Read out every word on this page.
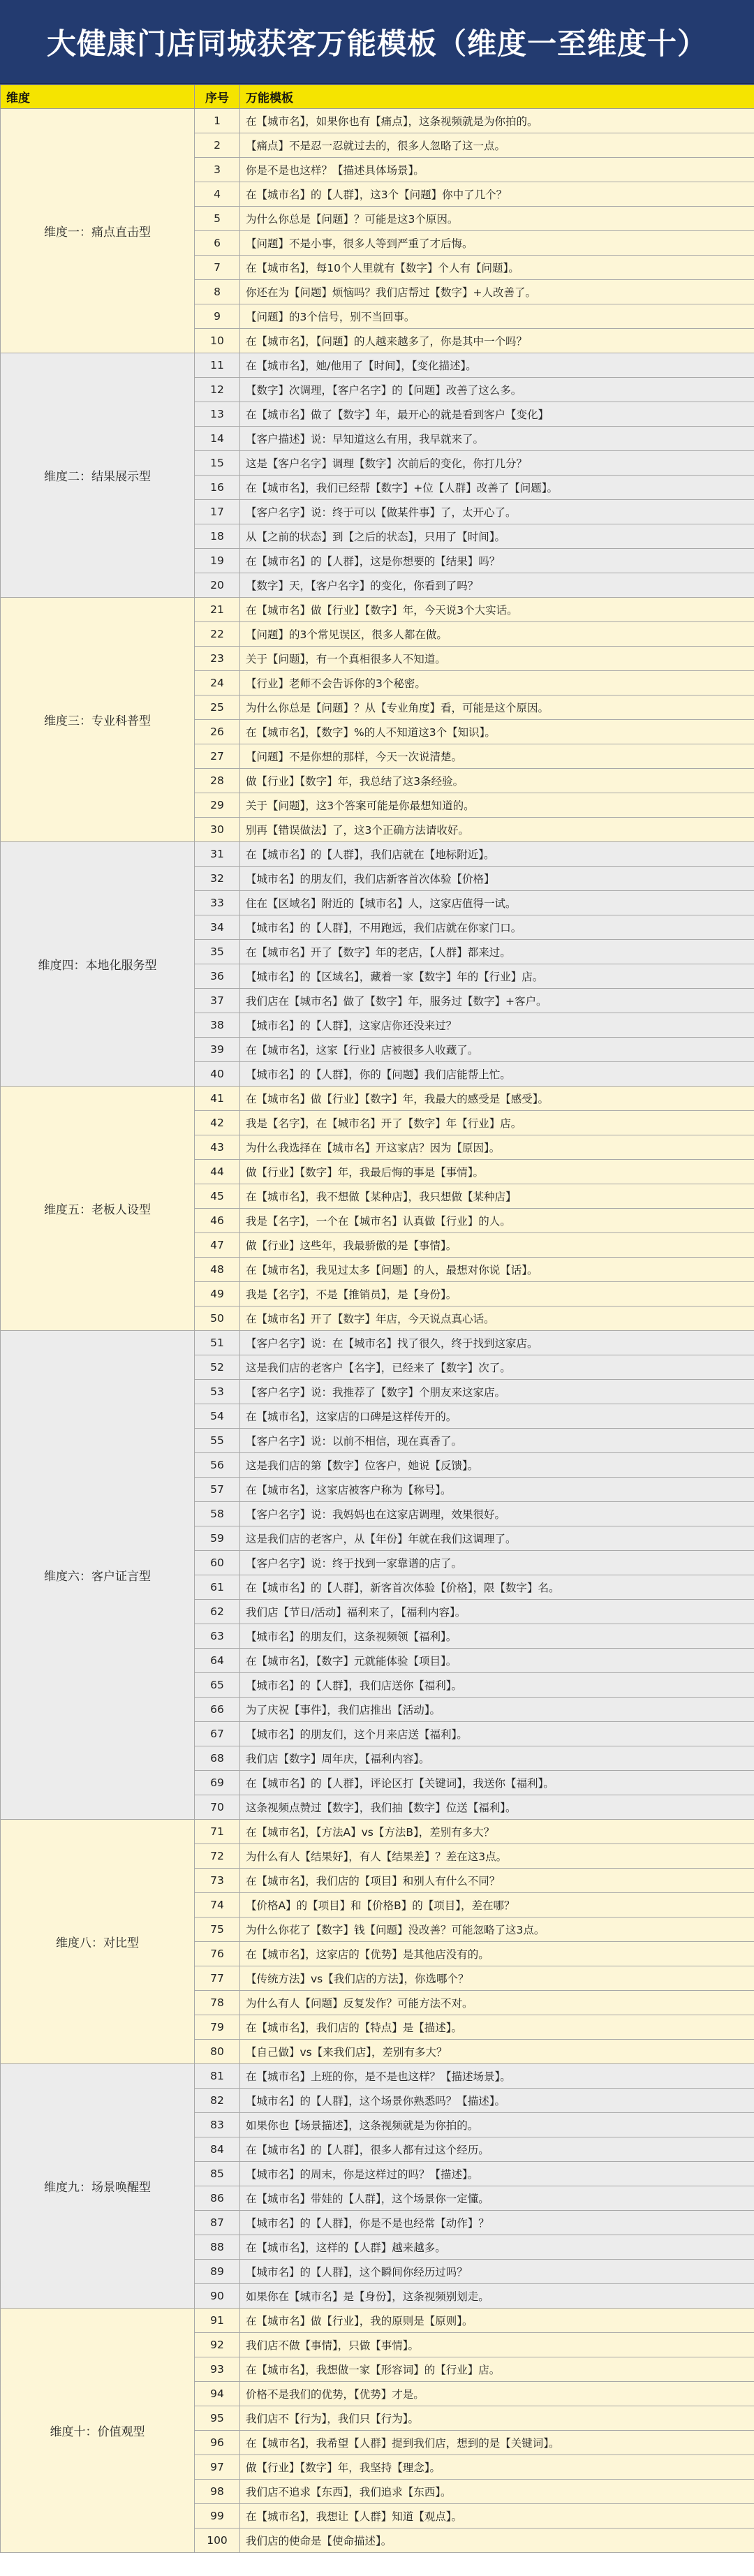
大健康门店同城获客万能模板（维度一至维度十）
维度	序号	万能模板
维度一：痛点直击型	1	在【城市名】，如果你也有【痛点】，这条视频就是为你拍的。
	2	【痛点】不是忍一忍就过去的，很多人忽略了这一点。
	3	你是不是也这样？【描述具体场景】。
	4	在【城市名】的【人群】，这3个【问题】你中了几个？
	5	为什么你总是【问题】？可能是这3个原因。
	6	【问题】不是小事，很多人等到严重了才后悔。
	7	在【城市名】，每10个人里就有【数字】个人有【问题】。
	8	你还在为【问题】烦恼吗？我们店帮过【数字】+人改善了。
	9	【问题】的3个信号，别不当回事。
	10	在【城市名】，【问题】的人越来越多了，你是其中一个吗？
维度二：结果展示型	11	在【城市名】，她/他用了【时间】，【变化描述】。
	12	【数字】次调理，【客户名字】的【问题】改善了这么多。
	13	在【城市名】做了【数字】年，最开心的就是看到客户【变化】
	14	【客户描述】说：早知道这么有用，我早就来了。
	15	这是【客户名字】调理【数字】次前后的变化，你打几分？
	16	在【城市名】，我们已经帮【数字】+位【人群】改善了【问题】。
	17	【客户名字】说：终于可以【做某件事】了，太开心了。
	18	从【之前的状态】到【之后的状态】，只用了【时间】。
	19	在【城市名】的【人群】，这是你想要的【结果】吗？
	20	【数字】天，【客户名字】的变化，你看到了吗？
维度三：专业科普型	21	在【城市名】做【行业】【数字】年，今天说3个大实话。
	22	【问题】的3个常见误区，很多人都在做。
	23	关于【问题】，有一个真相很多人不知道。
	24	【行业】老师不会告诉你的3个秘密。
	25	为什么你总是【问题】？从【专业角度】看，可能是这个原因。
	26	在【城市名】，【数字】%的人不知道这3个【知识】。
	27	【问题】不是你想的那样，今天一次说清楚。
	28	做【行业】【数字】年，我总结了这3条经验。
	29	关于【问题】，这3个答案可能是你最想知道的。
	30	别再【错误做法】了，这3个正确方法请收好。
维度四：本地化服务型	31	在【城市名】的【人群】，我们店就在【地标附近】。
	32	【城市名】的朋友们，我们店新客首次体验【价格】
	33	住在【区域名】附近的【城市名】人，这家店值得一试。
	34	【城市名】的【人群】，不用跑远，我们店就在你家门口。
	35	在【城市名】开了【数字】年的老店，【人群】都来过。
	36	【城市名】的【区域名】，藏着一家【数字】年的【行业】店。
	37	我们店在【城市名】做了【数字】年，服务过【数字】+客户。
	38	【城市名】的【人群】，这家店你还没来过？
	39	在【城市名】，这家【行业】店被很多人收藏了。
	40	【城市名】的【人群】，你的【问题】我们店能帮上忙。
维度五：老板人设型	41	在【城市名】做【行业】【数字】年，我最大的感受是【感受】。
	42	我是【名字】，在【城市名】开了【数字】年【行业】店。
	43	为什么我选择在【城市名】开这家店？因为【原因】。
	44	做【行业】【数字】年，我最后悔的事是【事情】。
	45	在【城市名】，我不想做【某种店】，我只想做【某种店】
	46	我是【名字】，一个在【城市名】认真做【行业】的人。
	47	做【行业】这些年，我最骄傲的是【事情】。
	48	在【城市名】，我见过太多【问题】的人，最想对你说【话】。
	49	我是【名字】，不是【推销员】，是【身份】。
	50	在【城市名】开了【数字】年店，今天说点真心话。
维度六：客户证言型	51	【客户名字】说：在【城市名】找了很久，终于找到这家店。
	52	这是我们店的老客户【名字】，已经来了【数字】次了。
	53	【客户名字】说：我推荐了【数字】个朋友来这家店。
	54	在【城市名】，这家店的口碑是这样传开的。
	55	【客户名字】说：以前不相信，现在真香了。
	56	这是我们店的第【数字】位客户，她说【反馈】。
	57	在【城市名】，这家店被客户称为【称号】。
	58	【客户名字】说：我妈妈也在这家店调理，效果很好。
	59	这是我们店的老客户，从【年份】年就在我们这调理了。
	60	【客户名字】说：终于找到一家靠谱的店了。
	61	在【城市名】的【人群】，新客首次体验【价格】，限【数字】名。
	62	我们店【节日/活动】福利来了，【福利内容】。
	63	【城市名】的朋友们，这条视频领【福利】。
	64	在【城市名】，【数字】元就能体验【项目】。
	65	【城市名】的【人群】，我们店送你【福利】。
	66	为了庆祝【事件】，我们店推出【活动】。
	67	【城市名】的朋友们，这个月来店送【福利】。
	68	我们店【数字】周年庆，【福利内容】。
	69	在【城市名】的【人群】，评论区打【关键词】，我送你【福利】。
	70	这条视频点赞过【数字】，我们抽【数字】位送【福利】。
维度八：对比型	71	在【城市名】，【方法A】vs【方法B】，差别有多大？
	72	为什么有人【结果好】，有人【结果差】？差在这3点。
	73	在【城市名】，我们店的【项目】和别人有什么不同？
	74	【价格A】的【项目】和【价格B】的【项目】，差在哪？
	75	为什么你花了【数字】钱【问题】没改善？可能忽略了这3点。
	76	在【城市名】，这家店的【优势】是其他店没有的。
	77	【传统方法】vs【我们店的方法】，你选哪个？
	78	为什么有人【问题】反复发作？可能方法不对。
	79	在【城市名】，我们店的【特点】是【描述】。
	80	【自己做】vs【来我们店】，差别有多大？
维度九：场景唤醒型	81	在【城市名】上班的你，是不是也这样？【描述场景】。
	82	【城市名】的【人群】，这个场景你熟悉吗？【描述】。
	83	如果你也【场景描述】，这条视频就是为你拍的。
	84	在【城市名】的【人群】，很多人都有过这个经历。
	85	【城市名】的周末，你是这样过的吗？【描述】。
	86	在【城市名】带娃的【人群】，这个场景你一定懂。
	87	【城市名】的【人群】，你是不是也经常【动作】？
	88	在【城市名】，这样的【人群】越来越多。
	89	【城市名】的【人群】，这个瞬间你经历过吗？
	90	如果你在【城市名】是【身份】，这条视频别划走。
维度十：价值观型	91	在【城市名】做【行业】，我的原则是【原则】。
	92	我们店不做【事情】，只做【事情】。
	93	在【城市名】，我想做一家【形容词】的【行业】店。
	94	价格不是我们的优势，【优势】才是。
	95	我们店不【行为】，我们只【行为】。
	96	在【城市名】，我希望【人群】提到我们店，想到的是【关键词】。
	97	做【行业】【数字】年，我坚持【理念】。
	98	我们店不追求【东西】，我们追求【东西】。
	99	在【城市名】，我想让【人群】知道【观点】。
	100	我们店的使命是【使命描述】。
